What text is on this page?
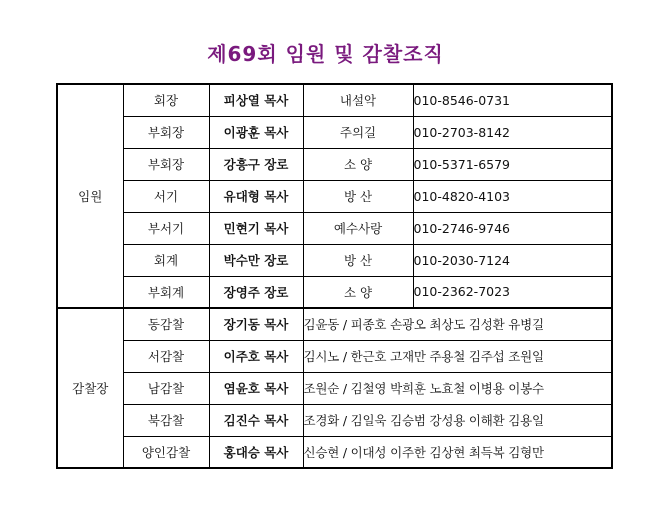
제69회 임원 및 감찰조직
임원	회장	피상열 목사	내설악	010-8546-0731
	부회장	이광훈 목사	주의길	010-2703-8142
	부회장	강흥구 장로	소 양	010-5371-6579
	서기	유대형 목사	방 산	010-4820-4103
	부서기	민현기 목사	예수사랑	010-2746-9746
	회계	박수만 장로	방 산	010-2030-7124
	부회계	장영주 장로	소 양	010-2362-7023
감찰장	동감찰	장기동 목사	김윤동 / 피종호 손광오 최상도 김성환 유병길	
	서감찰	이주호 목사	김시노 / 한근호 고재만 주용철 김주섭 조원일	
	남감찰	염윤호 목사	조원순 / 김철영 박희훈 노효철 이병용 이봉수	
	북감찰	김진수 목사	조경화 / 김일욱 김승범 강성용 이해환 김용일	
	양인감찰	홍대승 목사	신승현 / 이대성 이주한 김상현 최득복 김형만	
